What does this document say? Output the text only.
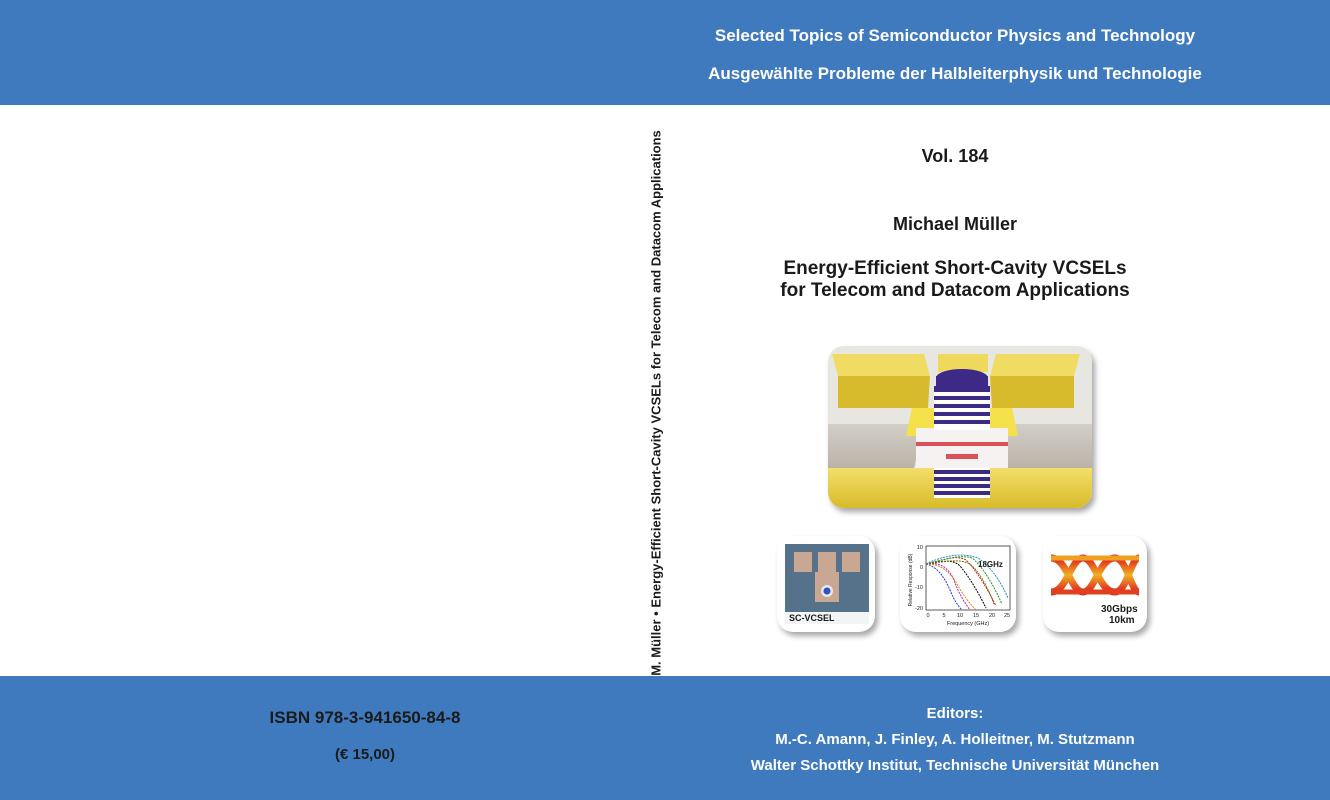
Selected Topics of Semiconductor Physics and Technology
Ausgewählte Probleme der Halbleiterphysik und Technologie
Vol. 184
Michael Müller
Energy-Efficient Short-Cavity VCSELs
for Telecom and Datacom Applications
M. Müller • Energy-Efficient Short-Cavity VCSELs for Telecom and Datacom Applications	SC-VCSEL
18GHz
10
0
-10
-20
0 5 10 15 20 25
Frequency (GHz)
Relative Response (dB)
30Gbps
10km
ISBN 978-3-941650-84-8
(€ 15,00)
Editors:
M.-C. Amann, J. Finley, A. Holleitner, M. Stutzmann
Walter Schottky Institut, Technische Universität München
